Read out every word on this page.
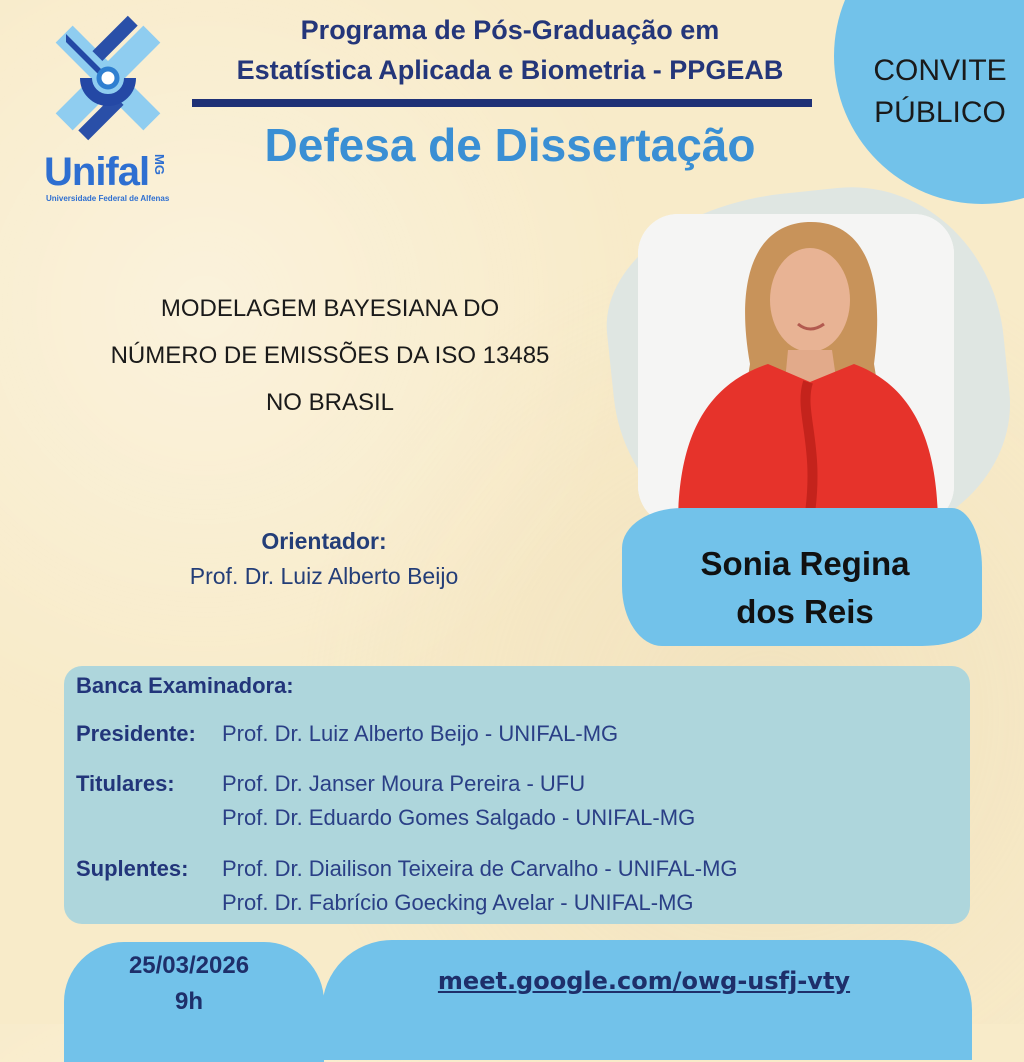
Unifal MG
Universidade Federal de Alfenas
Programa de Pós-Graduação em
Estatística Aplicada e Biometria - PPGEAB
Defesa de Dissertação
CONVITE
PÚBLICO
MODELAGEM BAYESIANA DO
NÚMERO DE EMISSÕES DA ISO 13485
NO BRASIL
Orientador:
Prof. Dr. Luiz Alberto Beijo	Sonia Regina
dos Reis
Banca Examinadora:
Presidente: Prof. Dr. Luiz Alberto Beijo - UNIFAL-MG
Titulares: Prof. Dr. Janser Moura Pereira - UFU
Prof. Dr. Eduardo Gomes Salgado - UNIFAL-MG
Suplentes: Prof. Dr. Diailison Teixeira de Carvalho - UNIFAL-MG
Prof. Dr. Fabrício Goecking Avelar - UNIFAL-MG
25/03/2026
9h
meet.google.com/owg-usfj-vty
